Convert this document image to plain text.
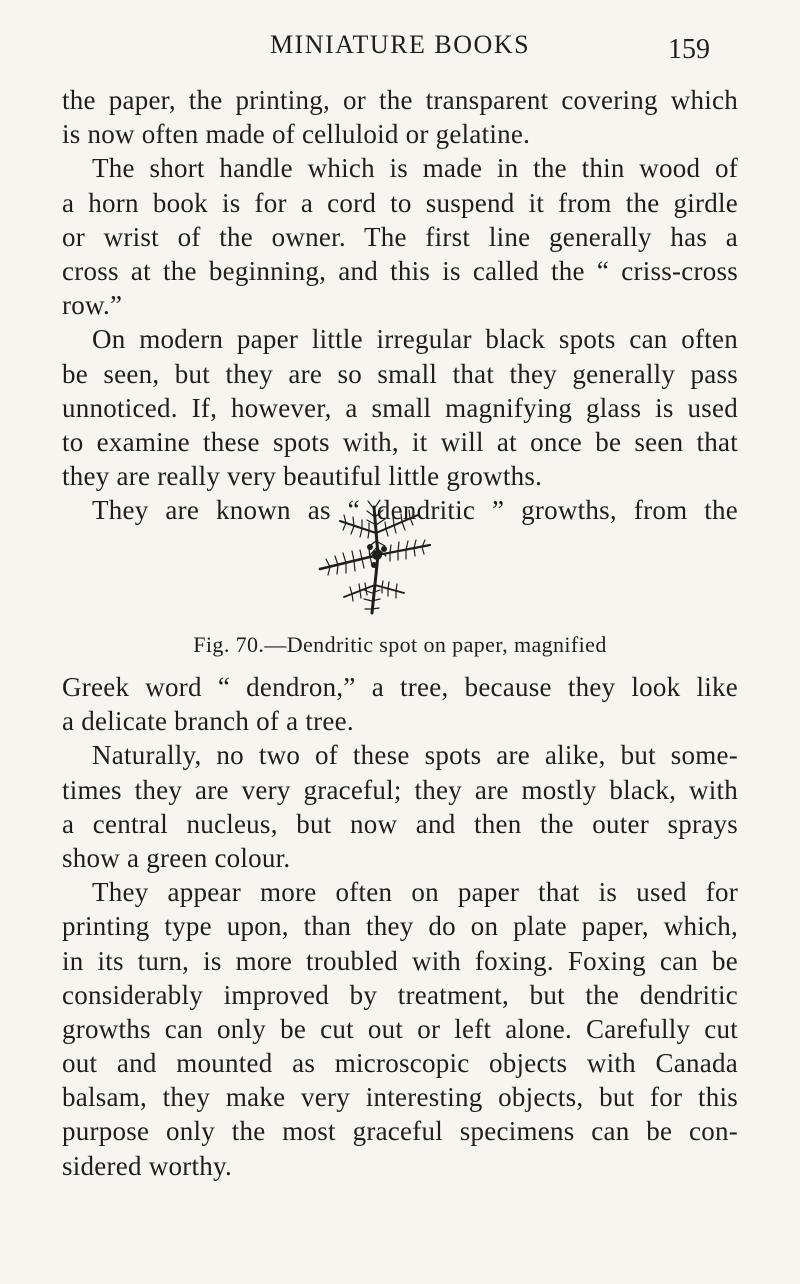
MINIATURE BOOKS	159
the paper, the printing, or the transparent covering which
is now often made of celluloid or gelatine.
The short handle which is made in the thin wood of
a horn book is for a cord to suspend it from the girdle
or wrist of the owner. The first line generally has a
cross at the beginning, and this is called the “ criss-cross
row.”
On modern paper little irregular black spots can often
be seen, but they are so small that they generally pass
unnoticed. If, however, a small magnifying glass is used
to examine these spots with, it will at once be seen that
they are really very beautiful little growths.
They are known as “ dendritic ” growths, from the
Fig. 70.—Dendritic spot on paper, magnified
Greek word “ dendron,” a tree, because they look like
a delicate branch of a tree.
Naturally, no two of these spots are alike, but some-
times they are very graceful; they are mostly black, with
a central nucleus, but now and then the outer sprays
show a green colour.
They appear more often on paper that is used for
printing type upon, than they do on plate paper, which,
in its turn, is more troubled with foxing. Foxing can be
considerably improved by treatment, but the dendritic
growths can only be cut out or left alone. Carefully cut
out and mounted as microscopic objects with Canada
balsam, they make very interesting objects, but for this
purpose only the most graceful specimens can be con-
sidered worthy.
